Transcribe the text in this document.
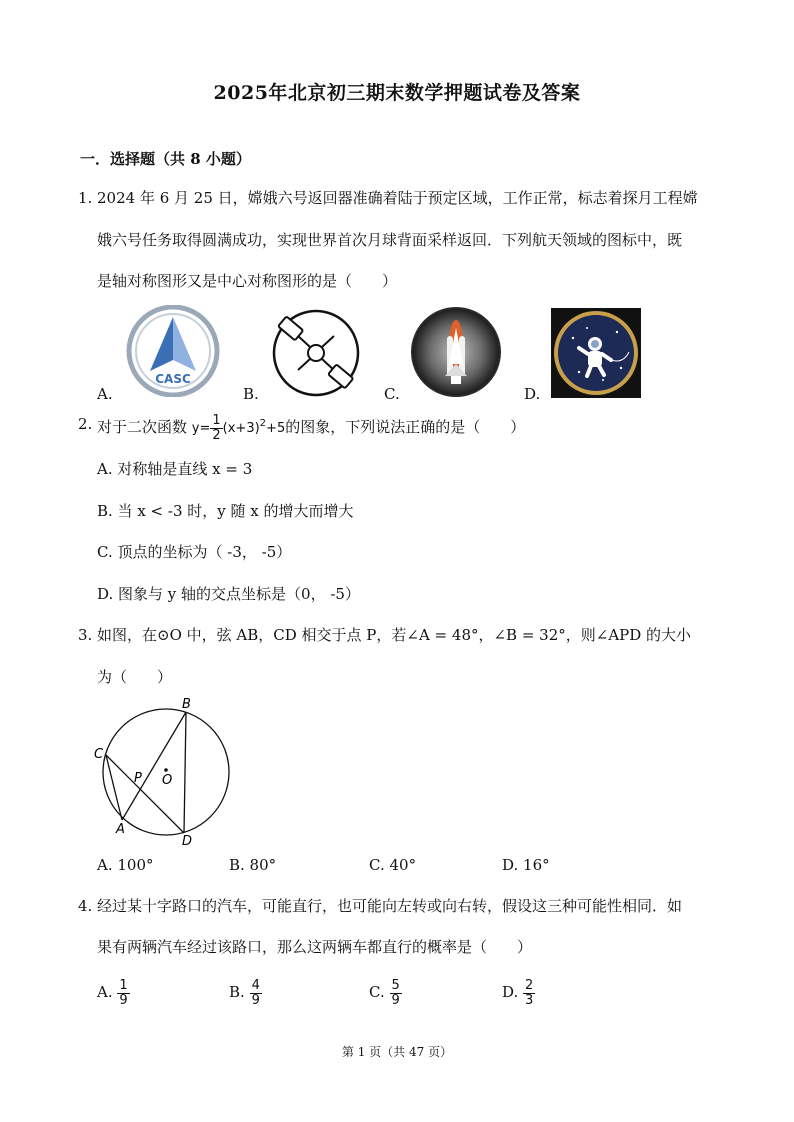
2025年北京初三期末数学押题试卷及答案
一．选择题（共 8 小题）
1. 2024 年 6 月 25 日，嫦娥六号返回器准确着陆于预定区域，工作正常，标志着探月工程嫦
娥六号任务取得圆满成功，实现世界首次月球背面采样返回．下列航天领域的图标中，既
是轴对称图形又是中心对称图形的是（　　）
CASC
A.	B.	C.	D.
2. 对于二次函数 $y= \frac{1}{2} (x+3)^2+5$的图象，下列说法正确的是（　　）
A. 对称轴是直线 x = 3
B. 当 x < -3 时，y 随 x 的增大而增大
C. 顶点的坐标为（ -3， -5）
D. 图象与 y 轴的交点坐标是（0， -5）
3. 如图，在⊙O 中，弦 AB，CD 相交于点 P，若∠A = 48°，∠B = 32°，则∠APD 的大小
为（　　）
B
C
P O
A
D
A. 100°	B. 80°	C. 40°	D. 16°
4. 经过某十字路口的汽车，可能直行，也可能向左转或向右转，假设这三种可能性相同．如
果有两辆汽车经过该路口，那么这两辆车都直行的概率是（　　）
A. $\frac{1}{9}$	B. $\frac{4}{9}$	C. $\frac{5}{9}$	D. $\frac{2}{3}$
第 1 页（共 47 页）
